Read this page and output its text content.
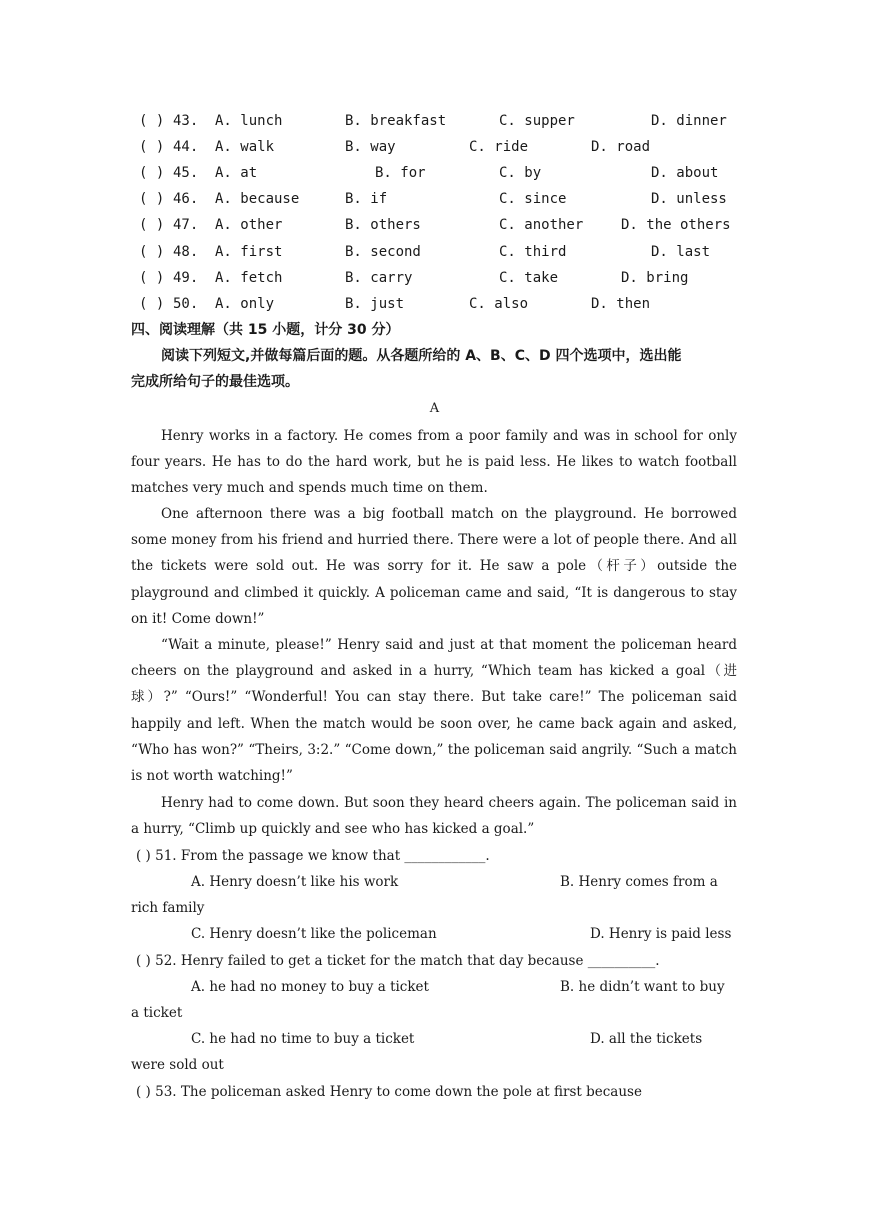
( ) 43. A. lunch	B. breakfast	C. supper	D. dinner
( ) 44. A. walk	B. way	C. ride	D. road
( ) 45. A. at	B. for	C. by	D. about
( ) 46. A. because	B. if	C. since	D. unless
( ) 47. A. other	B. others	C. another	D. the others
( ) 48. A. first	B. second	C. third	D. last
( ) 49. A. fetch	B. carry	C. take	D. bring
( ) 50. A. only	B. just	C. also	D. then
四、阅读理解（共 15 小题，计分 30 分）
阅读下列短文,并做每篇后面的题。从各题所给的 A、B、C、D 四个选项中，选出能
完成所给句子的最佳选项。
A
Henry works in a factory. He comes from a poor family and was in school for only four years. He has to do the hard work, but he is paid less. He likes to watch football matches very much and spends much time on them.
One afternoon there was a big football match on the playground. He borrowed some money from his friend and hurried there. There were a lot of people there. And all the tickets were sold out. He was sorry for it. He saw a pole（杆子）outside the playground and climbed it quickly. A policeman came and said, “It is dangerous to stay on it! Come down!”
“Wait a minute, please!” Henry said and just at that moment the policeman heard cheers on the playground and asked in a hurry, “Which team has kicked a goal（进球）?” “Ours!” “Wonderful! You can stay there. But take care!” The policeman said happily and left. When the match would be soon over, he came back again and asked, “Who has won?” “Theirs, 3:2.” “Come down,” the policeman said angrily. “Such a match is not worth watching!”
Henry had to come down. But soon they heard cheers again. The policeman said in a hurry, “Climb up quickly and see who has kicked a goal.”
( ) 51. From the passage we know that ____________.
A. Henry doesn’t like his work	B. Henry comes from a
rich family
C. Henry doesn’t like the policeman	D. Henry is paid less
( ) 52. Henry failed to get a ticket for the match that day because __________.
A. he had no money to buy a ticket	B. he didn’t want to buy
a ticket
C. he had no time to buy a ticket	D. all the tickets
were sold out
( ) 53. The policeman asked Henry to come down the pole at first because
